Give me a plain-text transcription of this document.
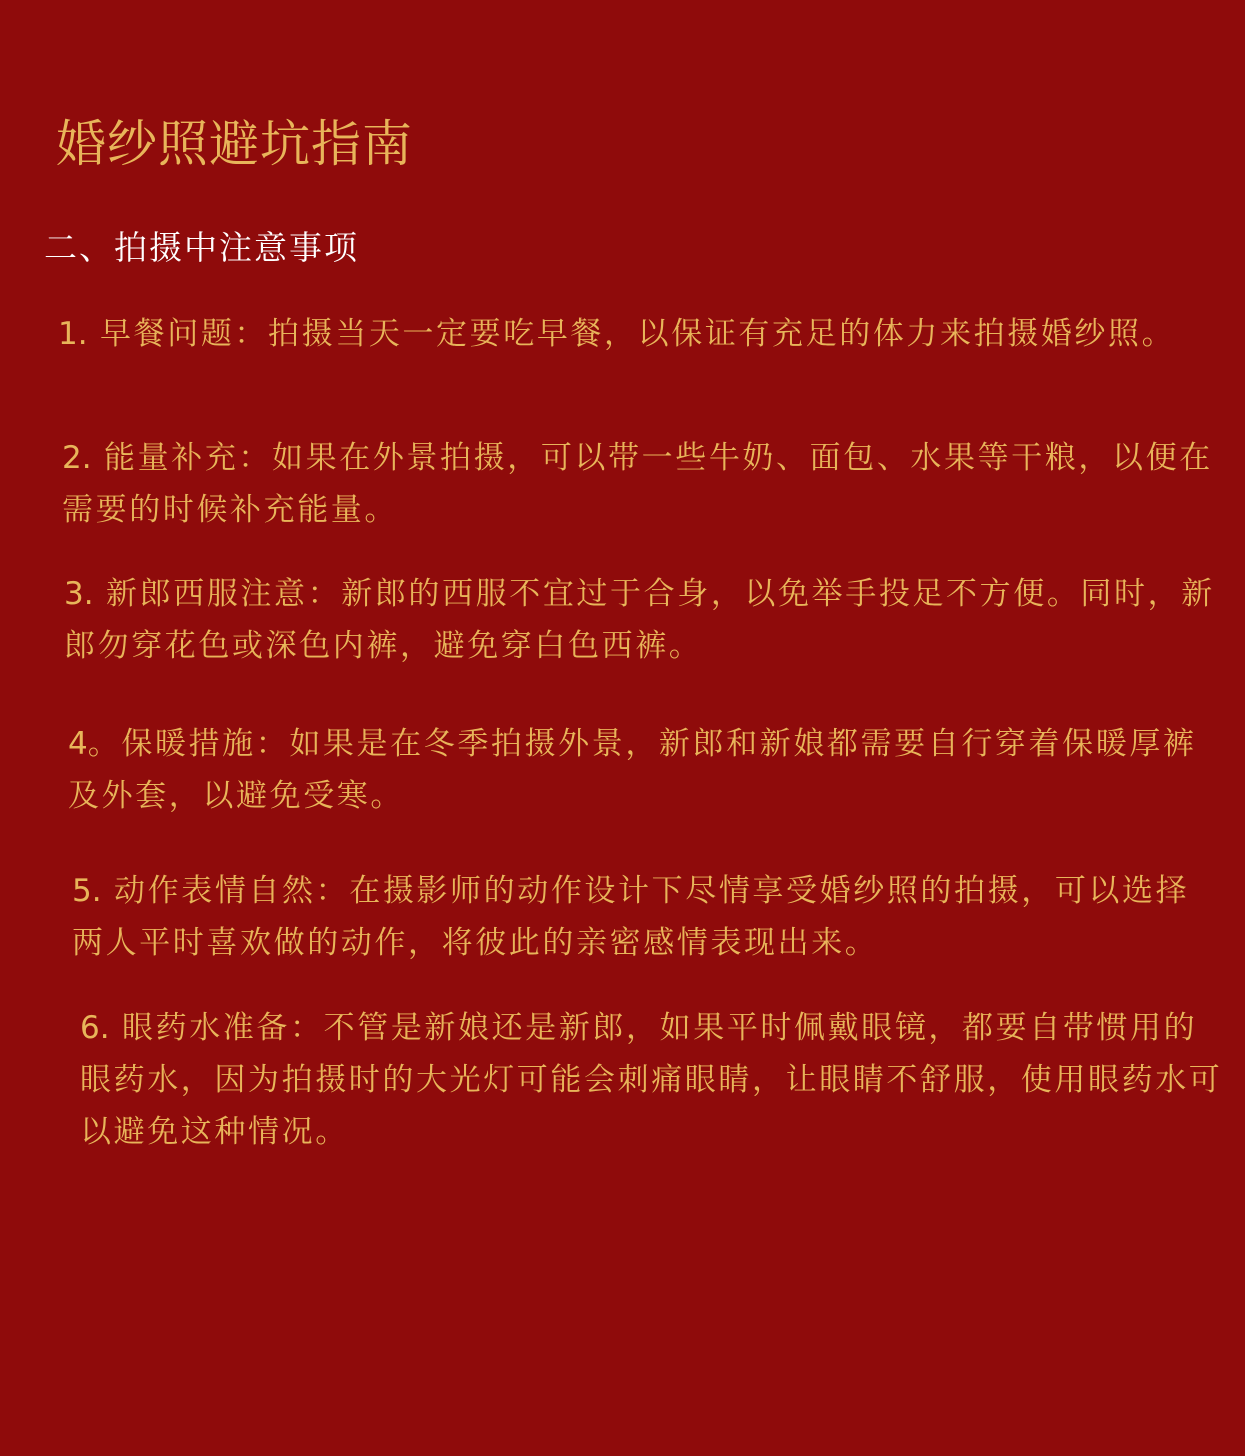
婚纱照避坑指南
二、拍摄中注意事项

1. 早餐问题：拍摄当天一定要吃早餐，以保证有充足的体力来拍摄婚纱照。

2. 能量补充：如果在外景拍摄，可以带一些牛奶、面包、水果等干粮，以便在需要的时候补充能量。

3. 新郎西服注意：新郎的西服不宜过于合身，以免举手投足不方便。同时，新郎勿穿花色或深色内裤，避免穿白色西裤。

4。保暖措施：如果是在冬季拍摄外景，新郎和新娘都需要自行穿着保暖厚裤及外套，以避免受寒。

5. 动作表情自然：在摄影师的动作设计下尽情享受婚纱照的拍摄，可以选择两人平时喜欢做的动作，将彼此的亲密感情表现出来。

6. 眼药水准备：不管是新娘还是新郎，如果平时佩戴眼镜，都要自带惯用的眼药水，因为拍摄时的大光灯可能会刺痛眼睛，让眼睛不舒服，使用眼药水可以避免这种情况。
